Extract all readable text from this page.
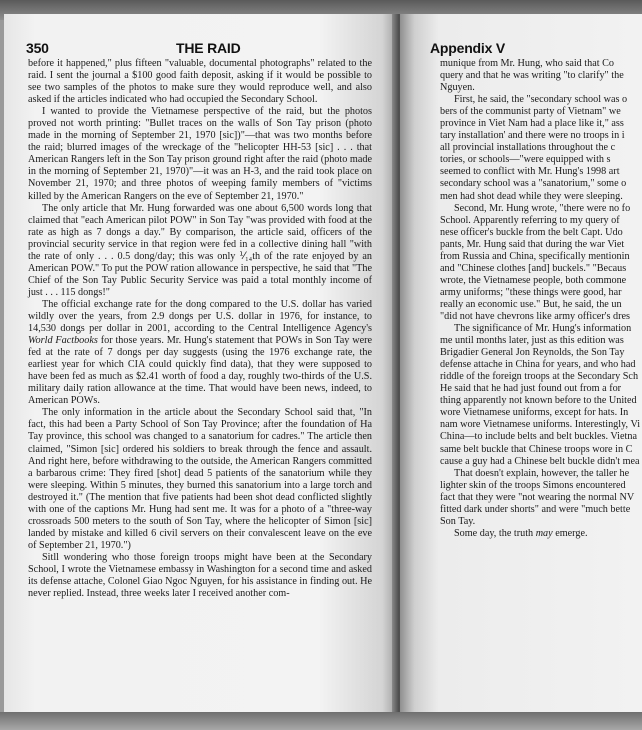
350	THE RAID

before it happened," plus fifteen "valuable, documental photographs" related to the raid. I sent the journal a $100 good faith deposit, asking if it would be possible to see two samples of the photos to make sure they would reproduce well, and also asked if the articles indicated who had occupied the Secondary School.

I wanted to provide the Vietnamese perspective of the raid, but the photos proved not worth printing: "Bullet traces on the walls of Son Tay prison (photo made in the morning of September 21, 1970 [sic])"—that was two months before the raid; blurred images of the wreckage of the "helicopter HH-53 [sic] . . . that American Rangers left in the Son Tay prison ground right after the raid (photo made in the morning of September 21, 1970)"—it was an H-3, and the raid took place on November 21, 1970; and three photos of weeping family members of "victims killed by the American Rangers on the eve of September 21, 1970."

The only article that Mr. Hung forwarded was one about 6,500 words long that claimed that "each American pilot POW" in Son Tay "was provided with food at the rate as high as 7 dongs a day." By comparison, the article said, officers of the provincial security service in that region were fed in a collective dining hall "with the rate of only . . . 0.5 dong/day; this was only ⅟₁₄th of the rate enjoyed by an American POW." To put the POW ration allowance in perspective, he said that "The Chief of the Son Tay Public Security Service was paid a total monthly income of just . . . 115 dongs!"

The official exchange rate for the dong compared to the U.S. dollar has varied wildly over the years, from 2.9 dongs per U.S. dollar in 1976, for instance, to 14,530 dongs per dollar in 2001, according to the Central Intelligence Agency's World Factbooks for those years. Mr. Hung's statement that POWs in Son Tay were fed at the rate of 7 dongs per day suggests (using the 1976 exchange rate, the earliest year for which CIA could quickly find data), that they were supposed to have been fed as much as $2.41 worth of food a day, roughly two-thirds of the U.S. military daily ration allowance at the time. That would have been news, indeed, to American POWs.

The only information in the article about the Secondary School said that, "In fact, this had been a Party School of Son Tay Province; after the foundation of Ha Tay province, this school was changed to a sanatorium for cadres." The article then claimed, "Simon [sic] ordered his soldiers to break through the fence and assault. And right here, before withdrawing to the outside, the American Rangers committed a barbarous crime: They fired [shot] dead 5 patients of the sanatorium while they were sleeping. Within 5 minutes, they burned this sanatorium into a large torch and destroyed it." (The mention that five patients had been shot dead conflicted slightly with one of the captions Mr. Hung had sent me. It was for a photo of a "three-way crossroads 500 meters to the south of Son Tay, where the helicopter of Simon [sic] landed by mistake and killed 6 civil servers on their convalescent leave on the eve of September 21, 1970.")

Sitll wondering who those foreign troops might have been at the Secondary School, I wrote the Vietnamese embassy in Washington for a second time and asked its defense attache, Colonel Giao Ngoc Nguyen, for his assistance in finding out. He never replied. Instead, three weeks later I received another com-

Appendix V
munique from Mr. Hung, who said that Co
query and that he was writing "to clarify" the
Nguyen.
First, he said, the "secondary school was o
bers of the communist party of Vietnam" we
province in Viet Nam had a place like it," ass
tary installation' and there were no troops in i
all provincial installations throughout the c
tories, or schools—"were equipped with s
seemed to conflict with Mr. Hung's 1998 art
secondary school was a "sanatorium," some o
men had shot dead while they were sleeping.
Second, Mr. Hung wrote, "there were no fo
School. Apparently referring to my query of
nese officer's buckle from the belt Capt. Udo
pants, Mr. Hung said that during the war Viet
from Russia and China, specifically mentionin
and "Chinese clothes [and] buckels." "Becaus
wrote, the Vietnamese people, both commone
army uniforms; "these things were good, har
really an economic use." But, he said, the un
"did not have chevrons like army officer's dres
The significance of Mr. Hung's information
me until months later, just as this edition was
Brigadier General Jon Reynolds, the Son Tay
defense attache in China for years, and who had
riddle of the foreign troops at the Secondary Sch
He said that he had just found out from a for
thing apparently not known before to the United
wore Vietnamese uniforms, except for hats. In
nam wore Vietnamese uniforms. Interestingly, Vi
China—to include belts and belt buckles. Vietna
same belt buckle that Chinese troops wore in C
cause a guy had a Chinese belt buckle didn't mea
That doesn't explain, however, the taller he
lighter skin of the troops Simons encountered
fact that they were "not wearing the normal NV
fitted dark under shorts" and were "much bette
Son Tay.
Some day, the truth may emerge.
